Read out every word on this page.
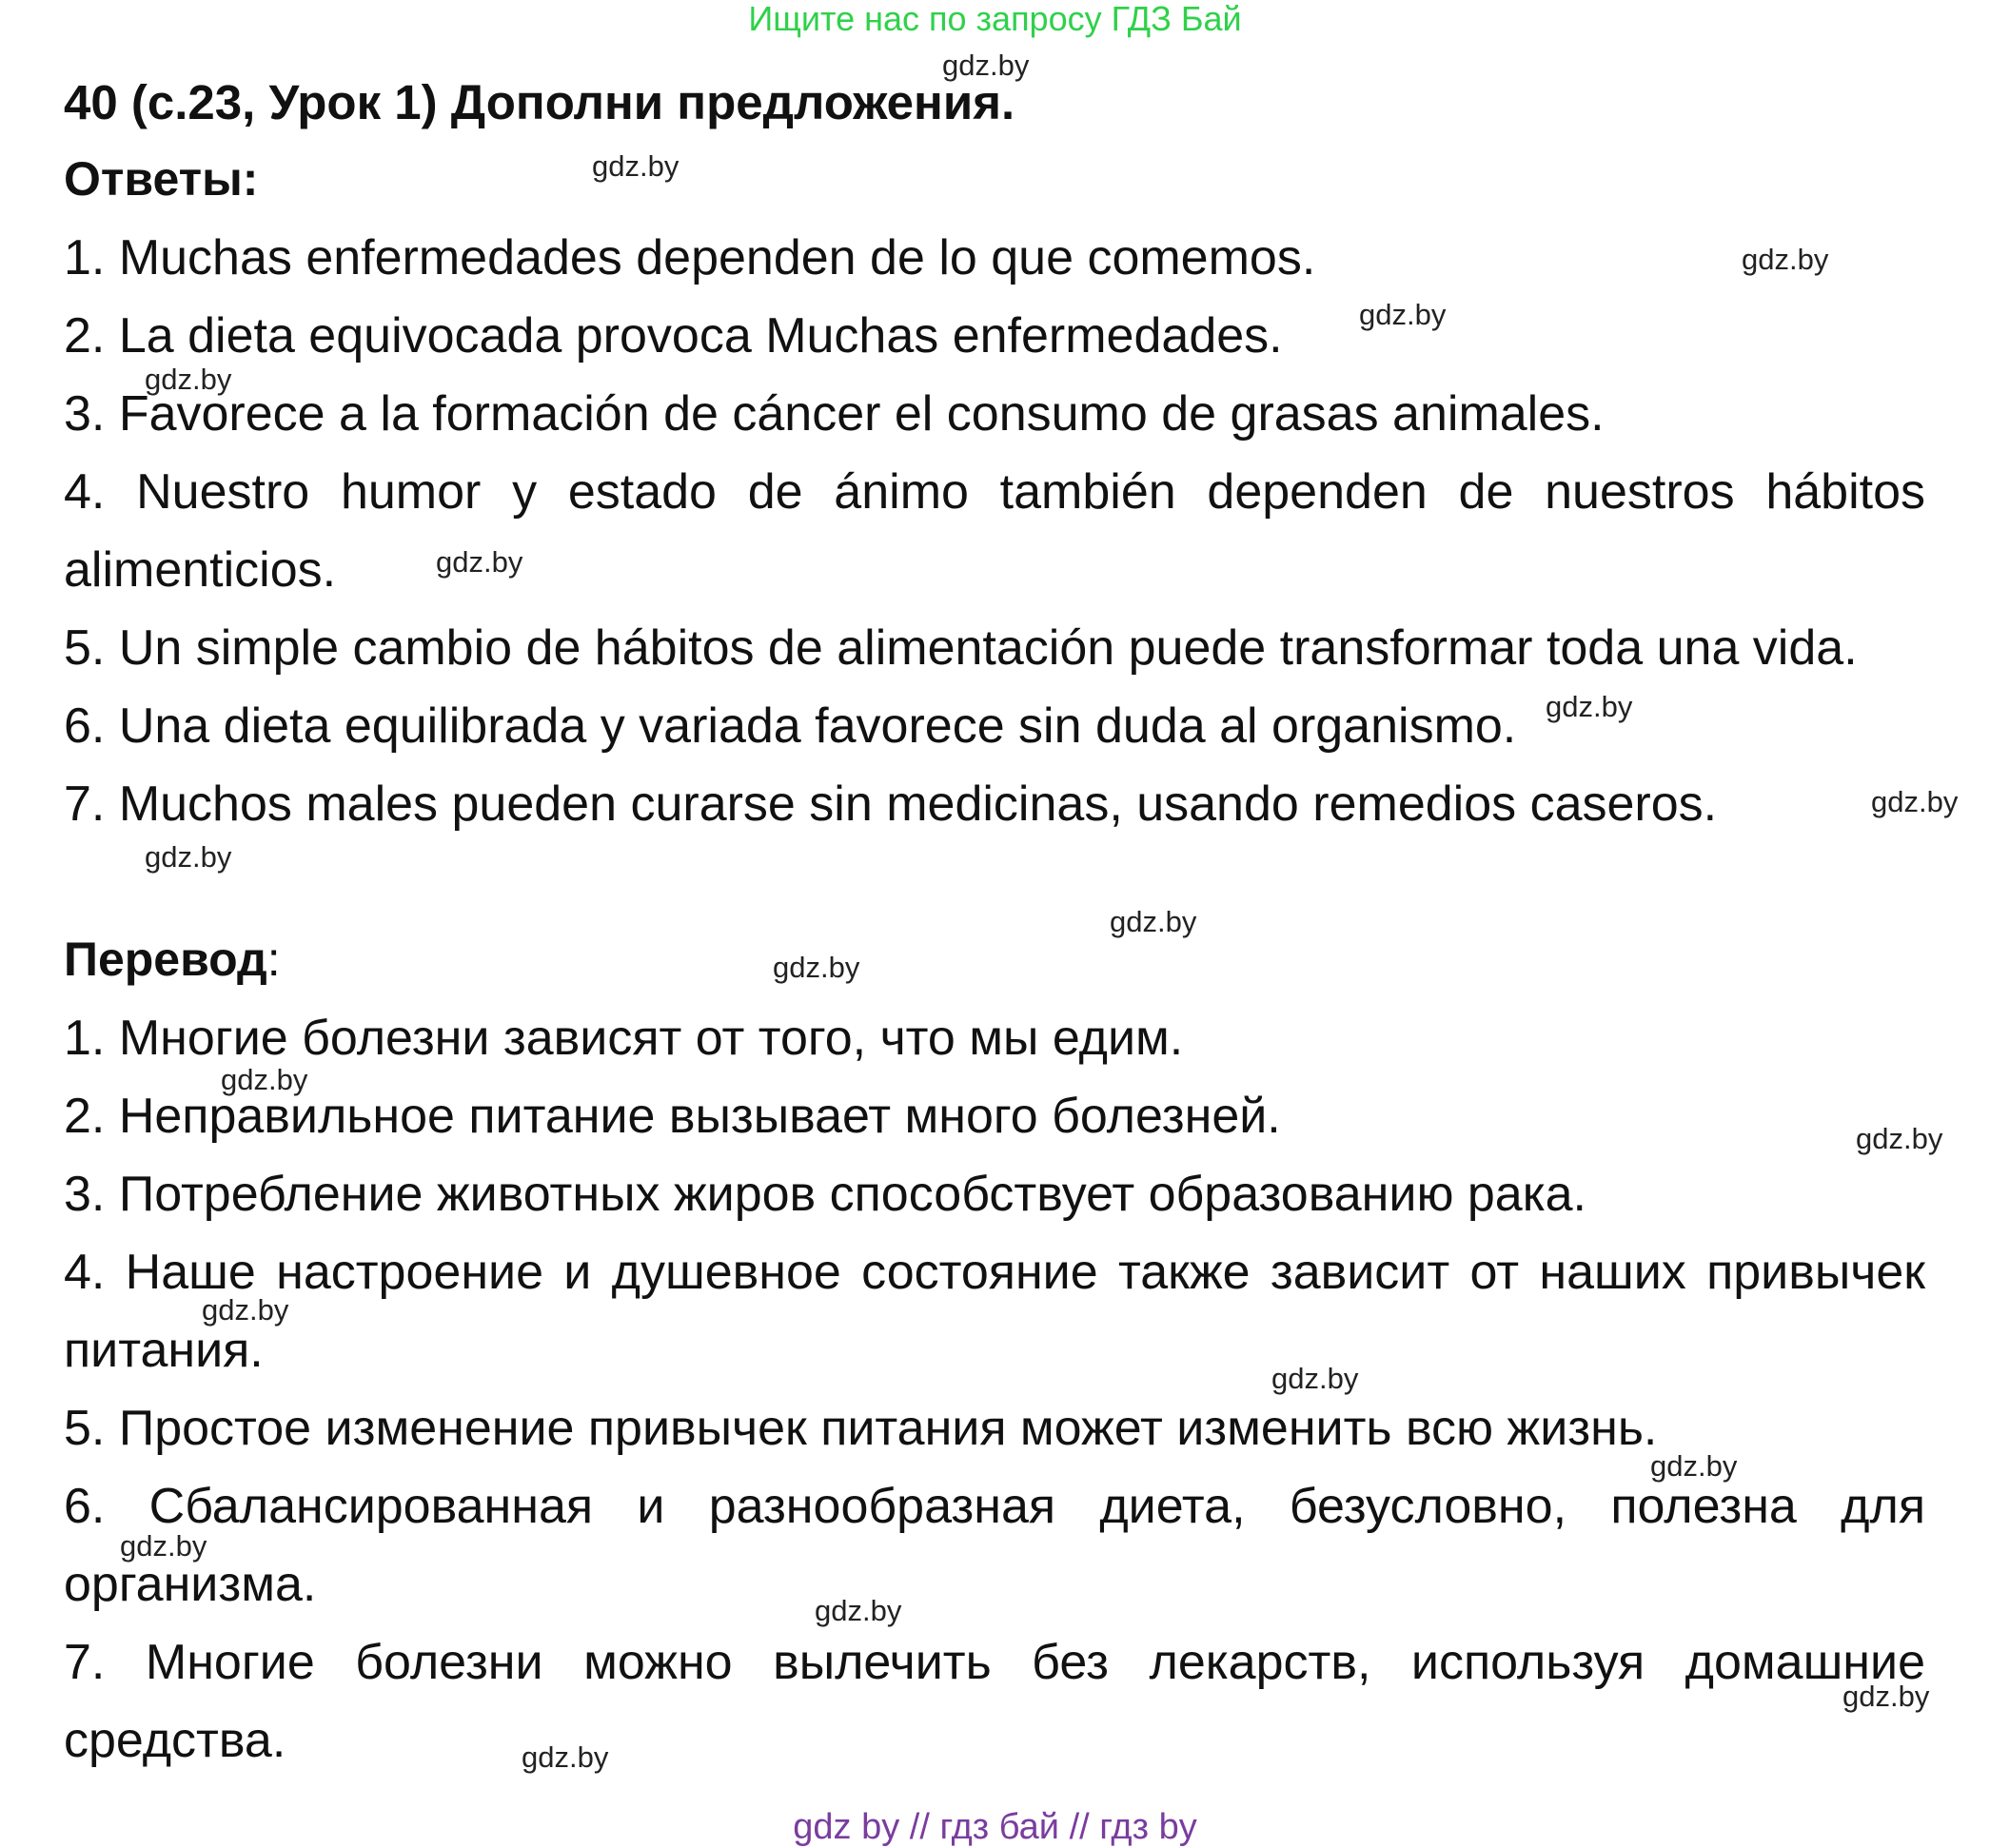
Ищите нас по запросу ГДЗ Бай
40 (с.23, Урок 1) Дополни предложения.
Ответы:
1. Muchas enfermedades dependen de lo que comemos.
2. La dieta equivocada provoca Muchas enfermedades.
3. Favorece a la formación de cáncer el consumo de grasas animales.
4. Nuestro humor y estado de ánimo también dependen de nuestros hábitos
alimenticios.
5. Un simple cambio de hábitos de alimentación puede transformar toda una vida.
6. Una dieta equilibrada y variada favorece sin duda al organismo.
7. Muchos males pueden curarse sin medicinas, usando remedios caseros.
Перевод:
1. Многие болезни зависят от того, что мы едим.
2. Неправильное питание вызывает много болезней.
3. Потребление животных жиров способствует образованию рака.
4. Наше настроение и душевное состояние также зависит от наших привычек
питания.
5. Простое изменение привычек питания может изменить всю жизнь.
6. Сбалансированная и разнообразная диета, безусловно, полезна для
организма.
7. Многие болезни можно вылечить без лекарств, используя домашние
средства.
gdz.by
gdz.by
gdz.by
gdz.by
gdz.by
gdz.by
gdz.by
gdz.by
gdz.by
gdz.by
gdz.by
gdz.by
gdz.by
gdz.by
gdz.by
gdz.by
gdz.by
gdz.by
gdz.by
gdz.by
gdz by // гдз бай // гдз by
